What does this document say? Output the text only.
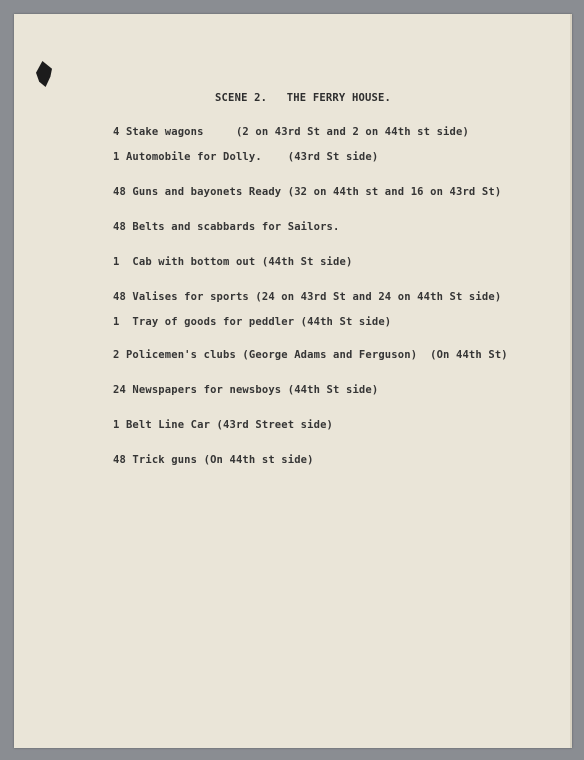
SCENE 2.   THE FERRY HOUSE.
4 Stake wagons     (2 on 43rd St and 2 on 44th st side)
1 Automobile for Dolly.    (43rd St side)
48 Guns and bayonets Ready (32 on 44th st and 16 on 43rd St)
48 Belts and scabbards for Sailors.
1  Cab with bottom out (44th St side)
48 Valises for sports (24 on 43rd St and 24 on 44th St side)
1  Tray of goods for peddler (44th St side)
2 Policemen's clubs (George Adams and Ferguson)  (On 44th St)
24 Newspapers for newsboys (44th St side)
1 Belt Line Car (43rd Street side)
48 Trick guns (On 44th st side)
